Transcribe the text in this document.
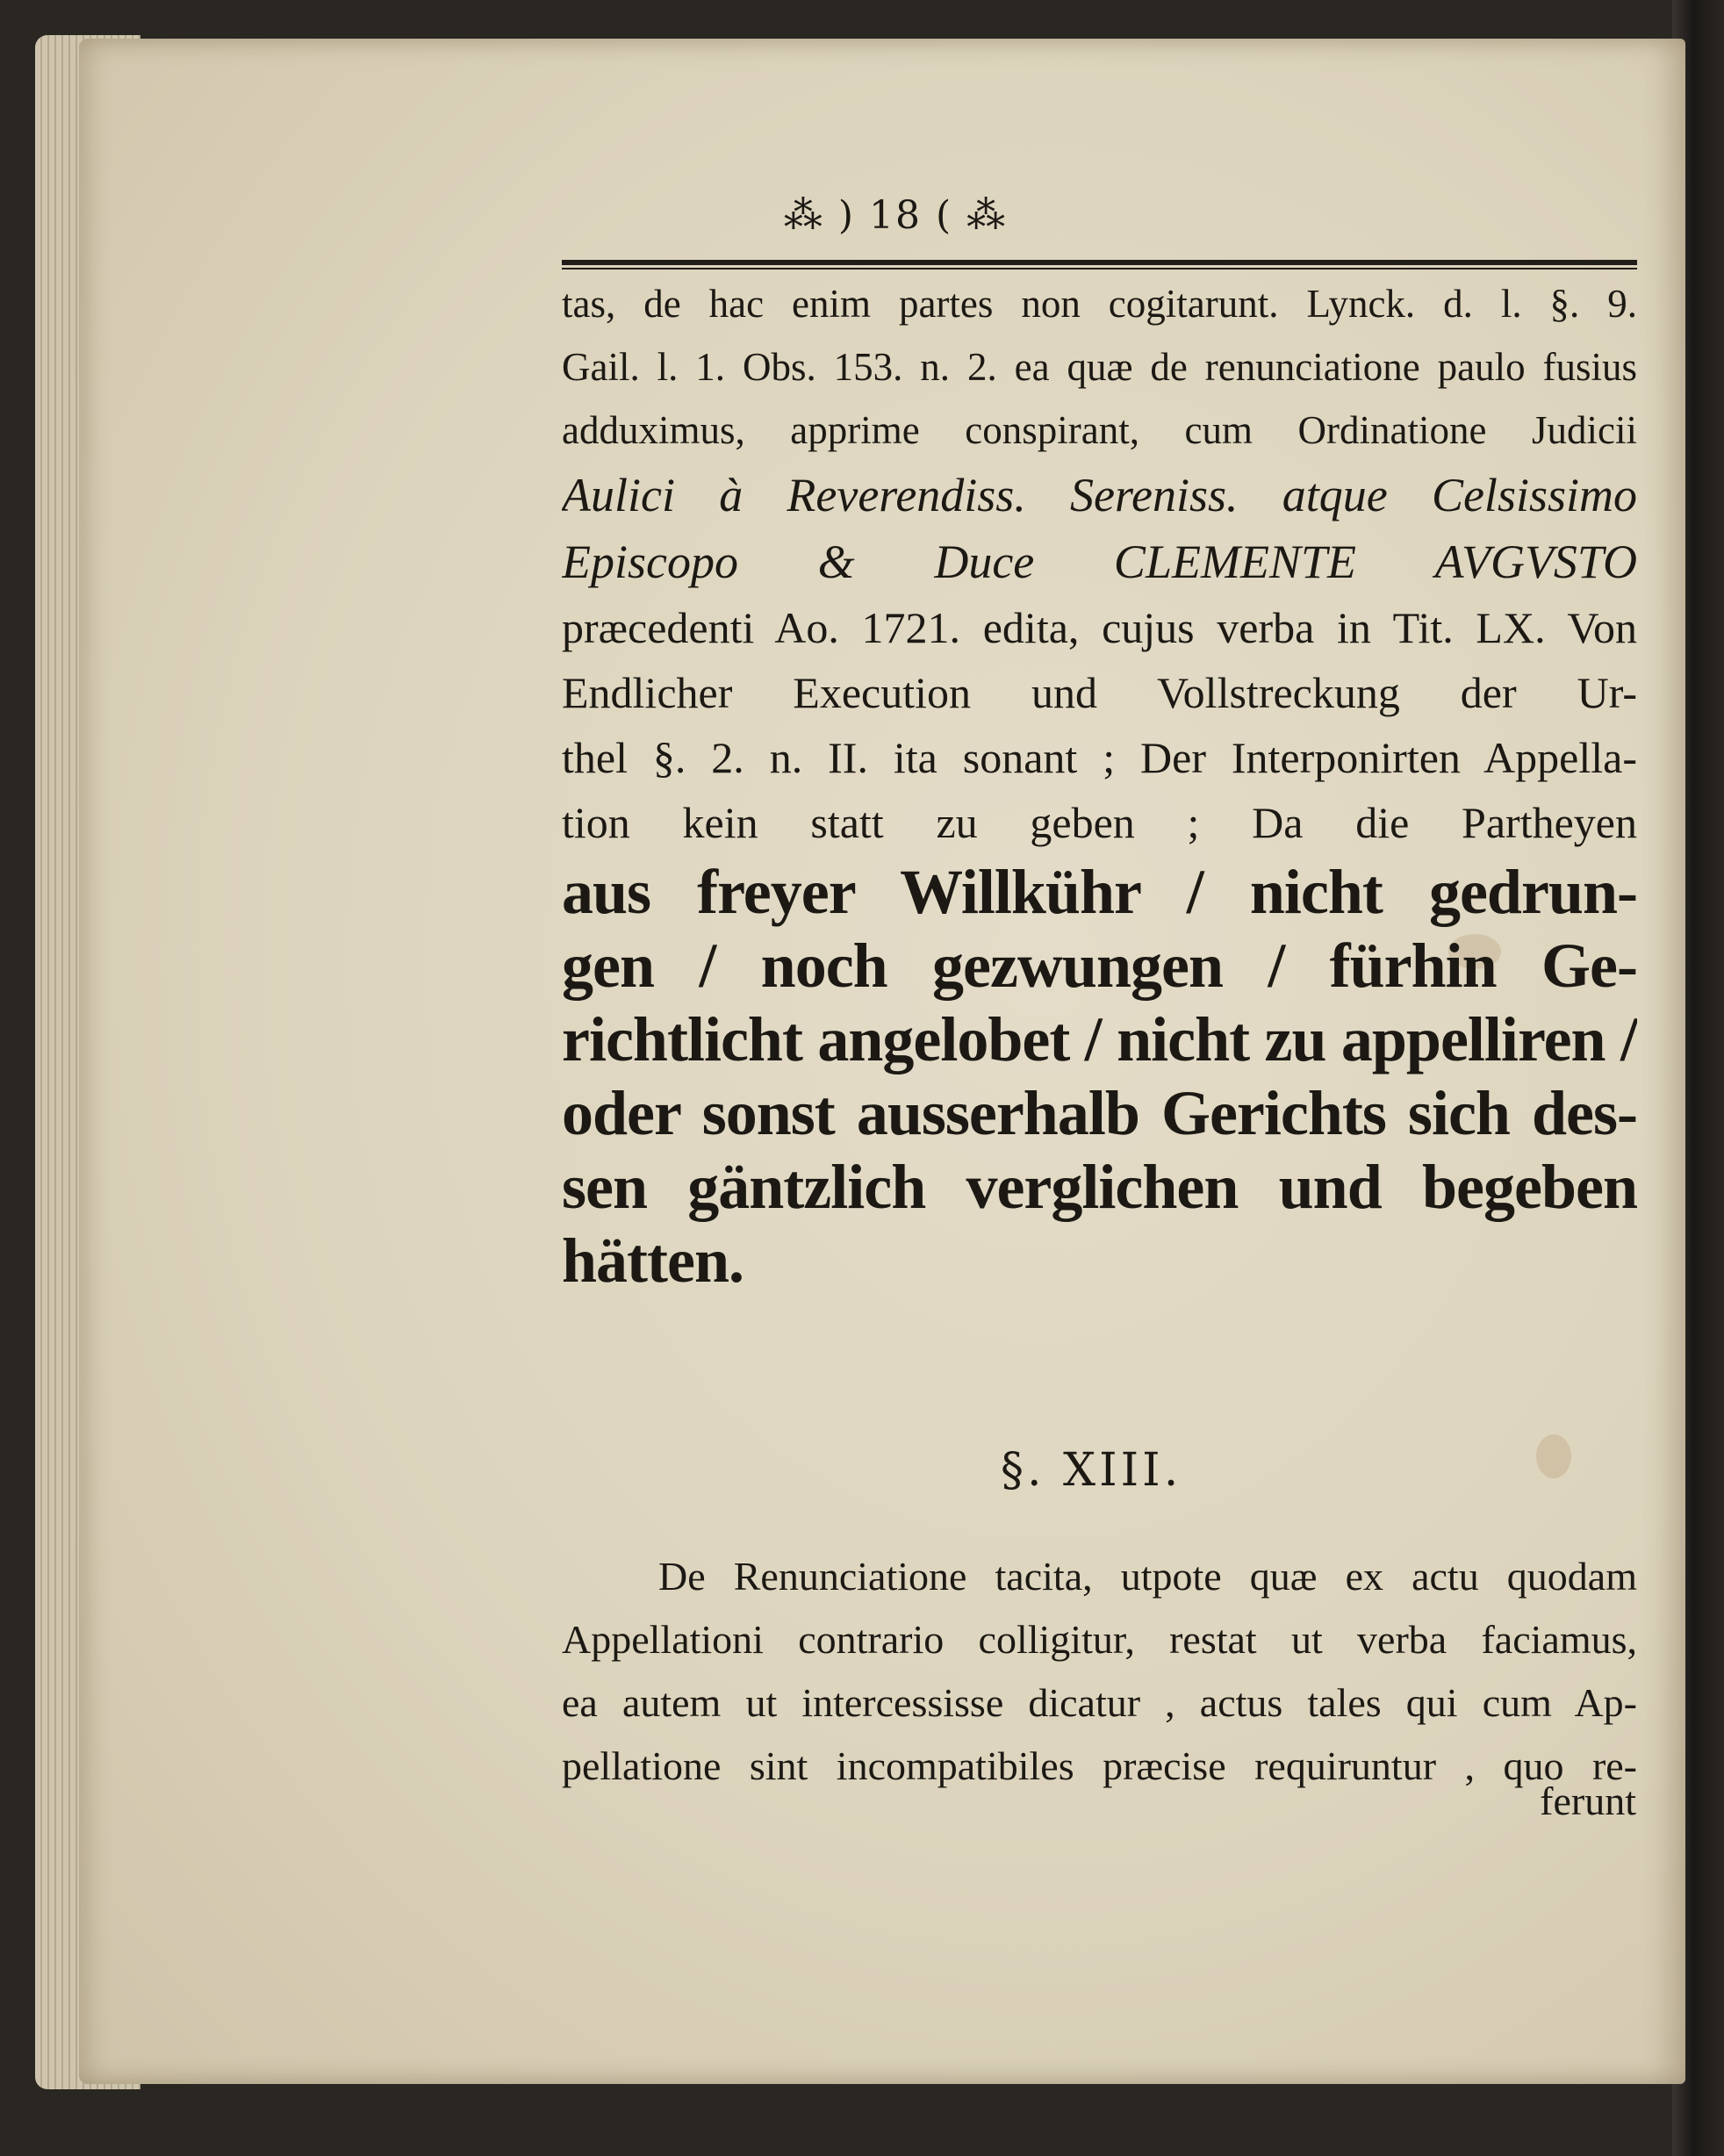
⁂ ) 18 ( ⁂
tas, de hac enim partes non cogitarunt. Lynck. d. l. §. 9.
Gail. l. 1. Obs. 153. n. 2. ea quæ de renunciatione paulo fusius
adduximus, apprime conspirant, cum Ordinatione Judicii
Aulici à Reverendiss. Sereniss. atque Celsissimo
Episcopo & Duce CLEMENTE AVGVSTO
præcedenti Ao. 1721. edita, cujus verba in Tit. LX. Von
Endlicher Execution und Vollstreckung der Ur-
thel §. 2. n. II. ita sonant ; Der Interponirten Appella-
tion kein statt zu geben ; Da die Partheyen
aus freyer Willkühr / nicht gedrun-
gen / noch gezwungen / fürhin Ge-
richtlicht angelobet / nicht zu appelliren /
oder sonst ausserhalb Gerichts sich des-
sen gäntzlich verglichen und begeben
hätten.
§. XIII.
De Renunciatione tacita, utpote quæ ex actu quodam
Appellationi contrario colligitur, restat ut verba faciamus,
ea autem ut intercessisse dicatur , actus tales qui cum Ap-
pellatione sint incompatibiles præcise requiruntur , quo re-
ferunt
